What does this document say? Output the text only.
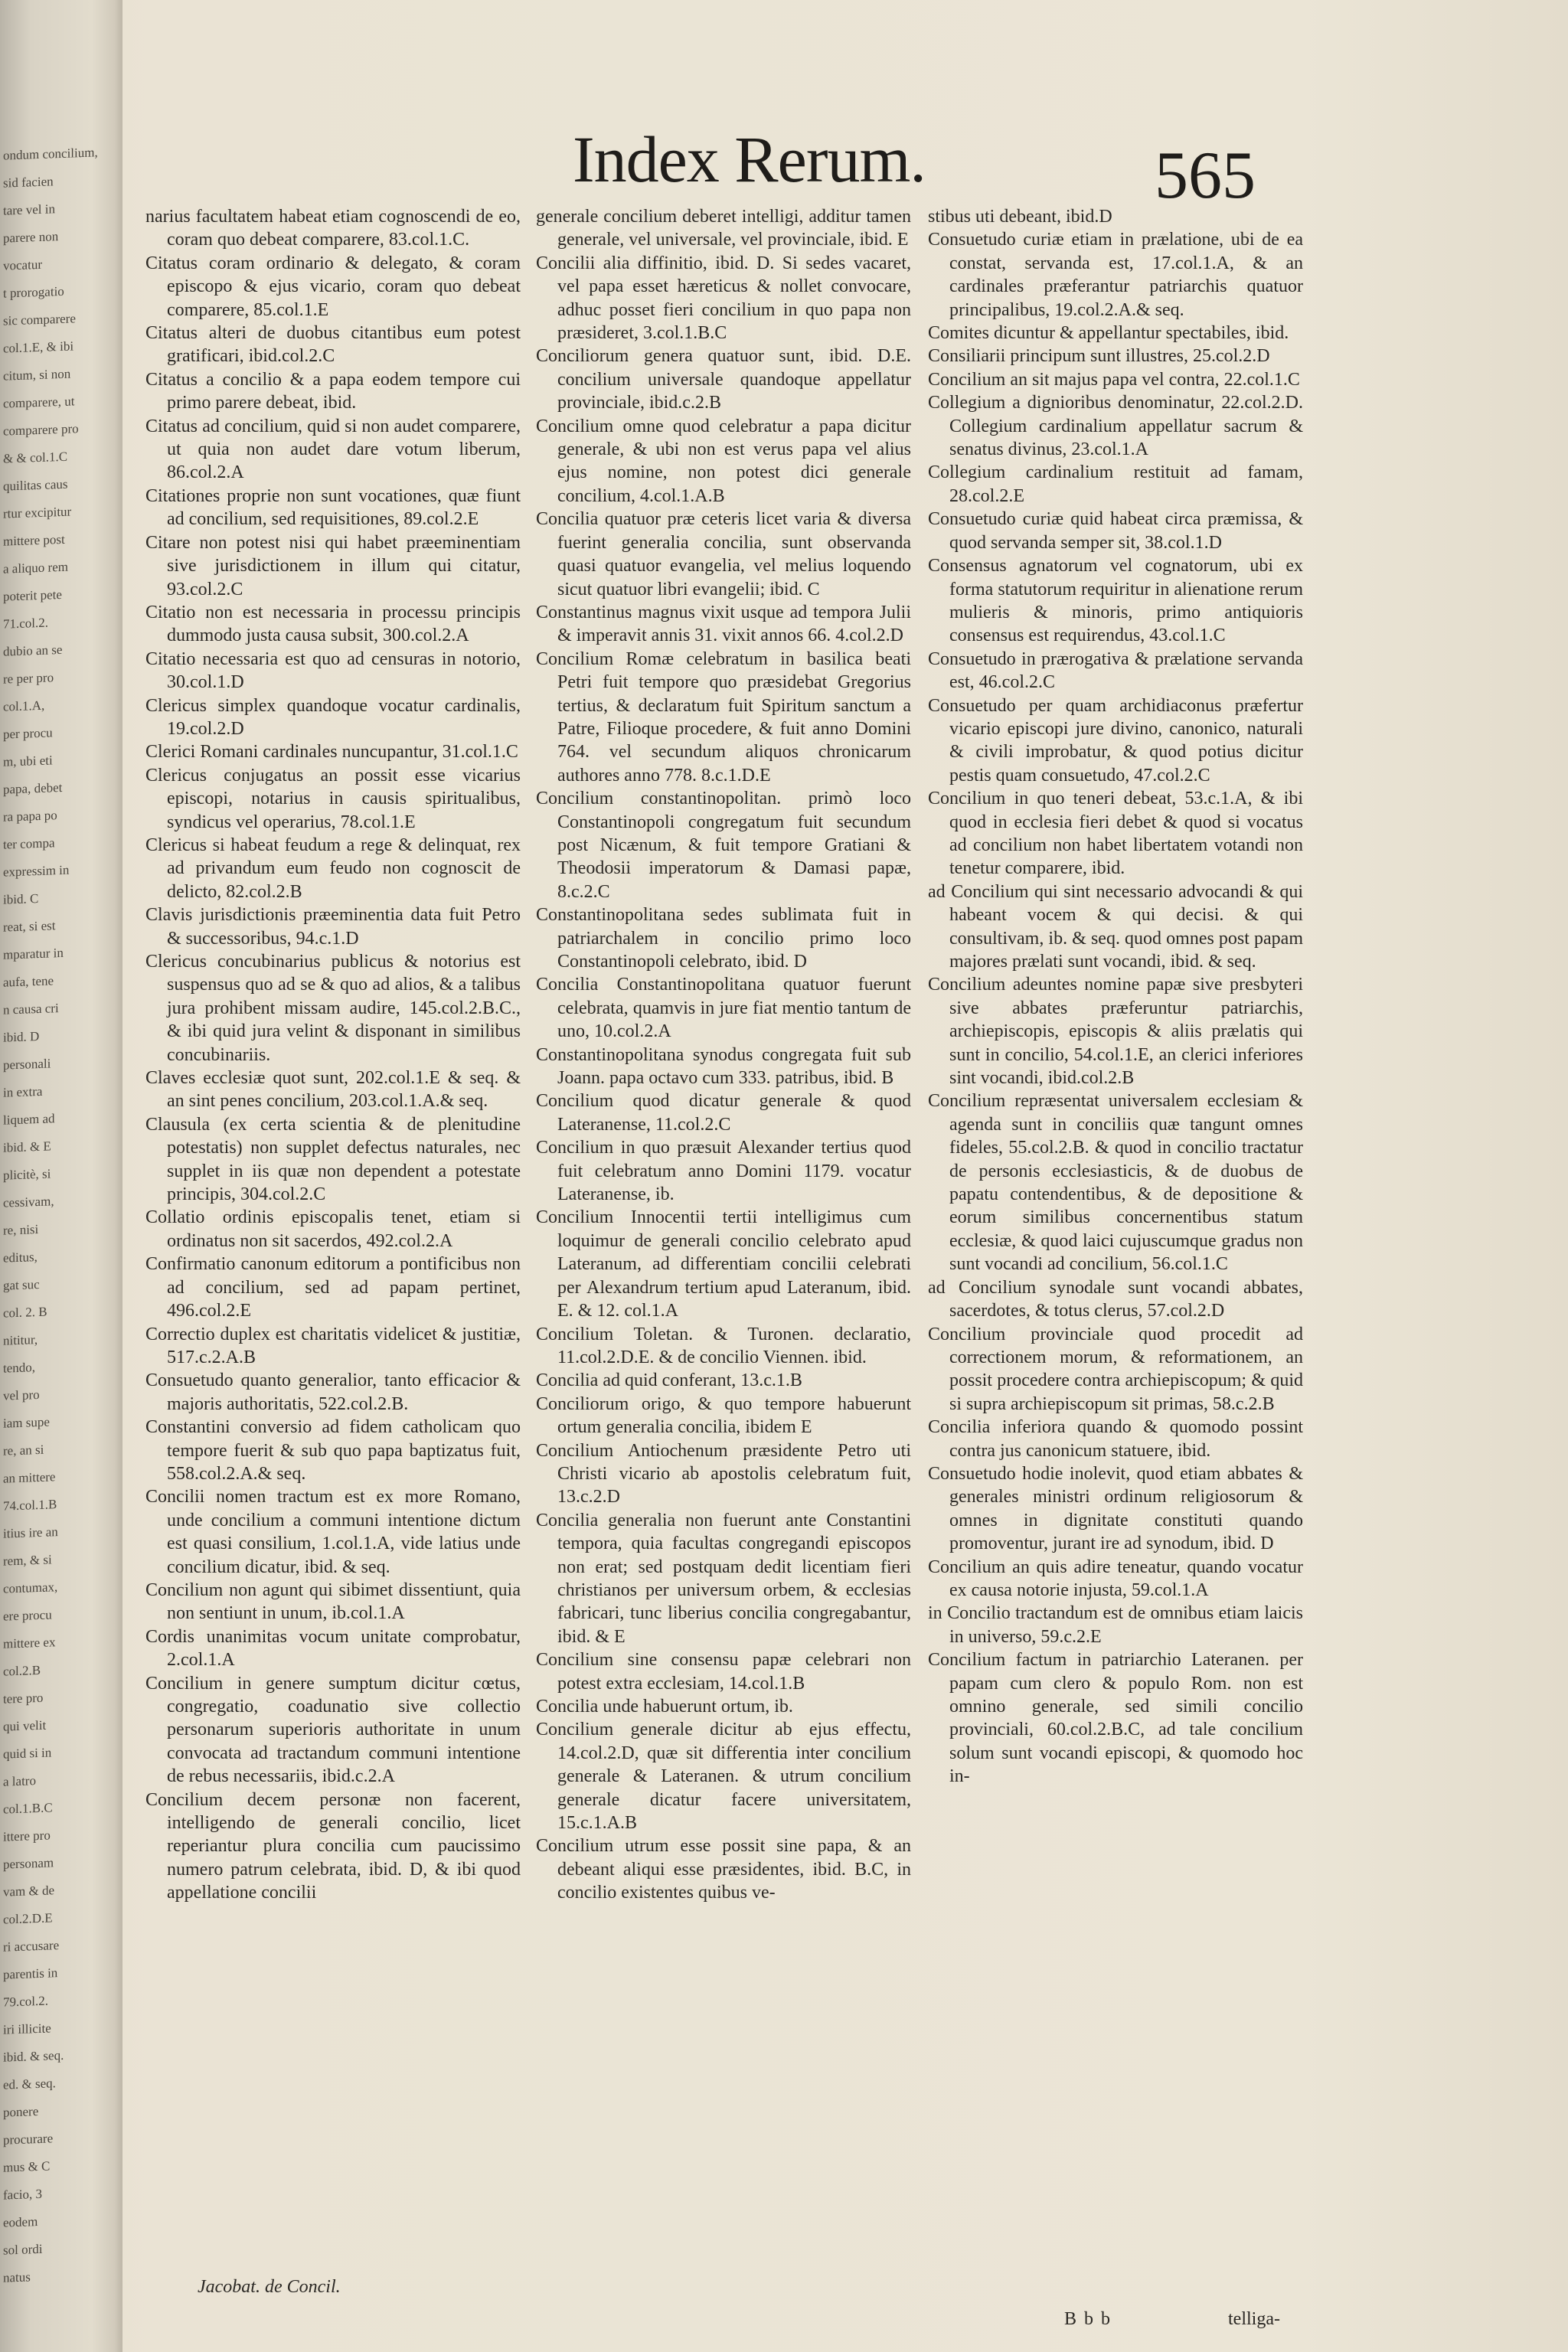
ondum concilium,
sid facien
tare vel in
parere non
vocatur
t prorogatio
sic comparere
col.1.E, & ibi
citum, si non
comparere, ut
comparere pro
& & col.1.C
quilitas caus
rtur excipitur
mittere post
a aliquo rem
poterit pete
71.col.2.
dubio an se
re per pro
col.1.A,
per procu
m, ubi eti
papa, debet
ra papa po
ter compa
expressim in
ibid. C
reat, si est
mparatur in
aufa, tene
n causa cri
ibid. D
personali
in extra
liquem ad
ibid. & E
plicitè, si
cessivam,
re, nisi
editus,
gat suc
col. 2. B
nititur,
tendo,
vel pro
iam supe
re, an si
an mittere
74.col.1.B
itius ire an
rem, & si
contumax,
ere procu
mittere ex
col.2.B
tere pro
qui velit
quid si in
a latro
col.1.B.C
ittere pro
personam
vam & de
col.2.D.E
ri accusare
parentis in
79.col.2.
iri illicite
ibid. & seq.
ed. & seq.
ponere
procurare
mus & C
facio, 3
eodem
sol ordi
natus
Index Rerum.	565

narius facultatem habeat etiam cognoscendi de eo, coram quo debeat comparere, 83.col.1.C.

Citatus coram ordinario & delegato, & coram episcopo & ejus vicario, coram quo debeat comparere, 85.col.1.E

Citatus alteri de duobus citantibus eum potest gratificari, ibid.col.2.C

Citatus a concilio & a papa eodem tempore cui primo parere debeat, ibid.

Citatus ad concilium, quid si non audet comparere, ut quia non audet dare votum liberum, 86.col.2.A

Citationes proprie non sunt vocationes, quæ fiunt ad concilium, sed requisitiones, 89.col.2.E

Citare non potest nisi qui habet præeminentiam sive jurisdictionem in illum qui citatur, 93.col.2.C

Citatio non est necessaria in processu principis dummodo justa causa subsit, 300.col.2.A

Citatio necessaria est quo ad censuras in notorio, 30.col.1.D

Clericus simplex quandoque vocatur cardinalis, 19.col.2.D

Clerici Romani cardinales nuncupantur, 31.col.1.C

Clericus conjugatus an possit esse vicarius episcopi, notarius in causis spiritualibus, syndicus vel operarius, 78.col.1.E

Clericus si habeat feudum a rege & delinquat, rex ad privandum eum feudo non cognoscit de delicto, 82.col.2.B

Clavis jurisdictionis præeminentia data fuit Petro & successoribus, 94.c.1.D

Clericus concubinarius publicus & notorius est suspensus quo ad se & quo ad alios, & a talibus jura prohibent missam audire, 145.col.2.B.C., & ibi quid jura velint & disponant in similibus concubinariis.

Claves ecclesiæ quot sunt, 202.col.1.E & seq. & an sint penes concilium, 203.col.1.A.& seq.

Clausula (ex certa scientia & de plenitudine potestatis) non supplet defectus naturales, nec supplet in iis quæ non dependent a potestate principis, 304.col.2.C

Collatio ordinis episcopalis tenet, etiam si ordinatus non sit sacerdos, 492.col.2.A

Confirmatio canonum editorum a pontificibus non ad concilium, sed ad papam pertinet, 496.col.2.E

Correctio duplex est charitatis videlicet & justitiæ, 517.c.2.A.B

Consuetudo quanto generalior, tanto efficacior & majoris authoritatis, 522.col.2.B.

Constantini conversio ad fidem catholicam quo tempore fuerit & sub quo papa baptizatus fuit, 558.col.2.A.& seq.

Concilii nomen tractum est ex more Romano, unde concilium a communi intentione dictum est quasi consilium, 1.col.1.A, vide latius unde concilium dicatur, ibid. & seq.

Concilium non agunt qui sibimet dissentiunt, quia non sentiunt in unum, ib.col.1.A

Cordis unanimitas vocum unitate comprobatur, 2.col.1.A

Concilium in genere sumptum dicitur cœtus, congregatio, coadunatio sive collectio personarum superioris authoritate in unum convocata ad tractandum communi intentione de rebus necessariis, ibid.c.2.A

Concilium decem personæ non facerent, intelligendo de generali concilio, licet reperiantur plura concilia cum paucissimo numero patrum celebrata, ibid. D, & ibi quod appellatione concilii

generale concilium deberet intelligi, additur tamen generale, vel universale, vel provinciale, ibid. E

Concilii alia diffinitio, ibid. D. Si sedes vacaret, vel papa esset hæreticus & nollet convocare, adhuc posset fieri concilium in quo papa non præsideret, 3.col.1.B.C

Conciliorum genera quatuor sunt, ibid. D.E. concilium universale quandoque appellatur provinciale, ibid.c.2.B

Concilium omne quod celebratur a papa dicitur generale, & ubi non est verus papa vel alius ejus nomine, non potest dici generale concilium, 4.col.1.A.B

Concilia quatuor præ ceteris licet varia & diversa fuerint generalia concilia, sunt observanda quasi quatuor evangelia, vel melius loquendo sicut quatuor libri evangelii; ibid. C

Constantinus magnus vixit usque ad tempora Julii & imperavit annis 31. vixit annos 66. 4.col.2.D

Concilium Romæ celebratum in basilica beati Petri fuit tempore quo præsidebat Gregorius tertius, & declaratum fuit Spiritum sanctum a Patre, Filioque procedere, & fuit anno Domini 764. vel secundum aliquos chronicarum authores anno 778. 8.c.1.D.E

Concilium constantinopolitan. primò loco Constantinopoli congregatum fuit secundum post Nicænum, & fuit tempore Gratiani & Theodosii imperatorum & Damasi papæ, 8.c.2.C

Constantinopolitana sedes sublimata fuit in patriarchalem in concilio primo loco Constantinopoli celebrato, ibid. D

Concilia Constantinopolitana quatuor fuerunt celebrata, quamvis in jure fiat mentio tantum de uno, 10.col.2.A

Constantinopolitana synodus congregata fuit sub Joann. papa octavo cum 333. patribus, ibid. B

Concilium quod dicatur generale & quod Lateranense, 11.col.2.C

Concilium in quo præsuit Alexander tertius quod fuit celebratum anno Domini 1179. vocatur Lateranense, ib.

Concilium Innocentii tertii intelligimus cum loquimur de generali concilio celebrato apud Lateranum, ad differentiam concilii celebrati per Alexandrum tertium apud Lateranum, ibid. E. & 12. col.1.A

Concilium Toletan. & Turonen. declaratio, 11.col.2.D.E. & de concilio Viennen. ibid.

Concilia ad quid conferant, 13.c.1.B

Conciliorum origo, & quo tempore habuerunt ortum generalia concilia, ibidem E

Concilium Antiochenum præsidente Petro uti Christi vicario ab apostolis celebratum fuit, 13.c.2.D

Concilia generalia non fuerunt ante Constantini tempora, quia facultas congregandi episcopos non erat; sed postquam dedit licentiam fieri christianos per universum orbem, & ecclesias fabricari, tunc liberius concilia congregabantur, ibid. & E

Concilium sine consensu papæ celebrari non potest extra ecclesiam, 14.col.1.B

Concilia unde habuerunt ortum, ib.

Concilium generale dicitur ab ejus effectu, 14.col.2.D, quæ sit differentia inter concilium generale & Lateranen. & utrum concilium generale dicatur facere universitatem, 15.c.1.A.B

Concilium utrum esse possit sine papa, & an debeant aliqui esse præsidentes, ibid. B.C, in concilio existentes quibus ve-

stibus uti debeant, ibid.D

Consuetudo curiæ etiam in prælatione, ubi de ea constat, servanda est, 17.col.1.A, & an cardinales præferantur patriarchis quatuor principalibus, 19.col.2.A.& seq.

Comites dicuntur & appellantur spectabiles, ibid.

Consiliarii principum sunt illustres, 25.col.2.D

Concilium an sit majus papa vel contra, 22.col.1.C

Collegium a dignioribus denominatur, 22.col.2.D. Collegium cardinalium appellatur sacrum & senatus divinus, 23.col.1.A

Collegium cardinalium restituit ad famam, 28.col.2.E

Consuetudo curiæ quid habeat circa præmissa, & quod servanda semper sit, 38.col.1.D

Consensus agnatorum vel cognatorum, ubi ex forma statutorum requiritur in alienatione rerum mulieris & minoris, primo antiquioris consensus est requirendus, 43.col.1.C

Consuetudo in prærogativa & prælatione servanda est, 46.col.2.C

Consuetudo per quam archidiaconus præfertur vicario episcopi jure divino, canonico, naturali & civili improbatur, & quod potius dicitur pestis quam consuetudo, 47.col.2.C

Concilium in quo teneri debeat, 53.c.1.A, & ibi quod in ecclesia fieri debet & quod si vocatus ad concilium non habet libertatem votandi non tenetur comparere, ibid.

ad Concilium qui sint necessario advocandi & qui habeant vocem & qui decisi. & qui consultivam, ib. & seq. quod omnes post papam majores prælati sunt vocandi, ibid. & seq.

Concilium adeuntes nomine papæ sive presbyteri sive abbates præferuntur patriarchis, archiepiscopis, episcopis & aliis prælatis qui sunt in concilio, 54.col.1.E, an clerici inferiores sint vocandi, ibid.col.2.B

Concilium repræsentat universalem ecclesiam & agenda sunt in conciliis quæ tangunt omnes fideles, 55.col.2.B. & quod in concilio tractatur de personis ecclesiasticis, & de duobus de papatu contendentibus, & de depositione & eorum similibus concernentibus statum ecclesiæ, & quod laici cujuscumque gradus non sunt vocandi ad concilium, 56.col.1.C

ad Concilium synodale sunt vocandi abbates, sacerdotes, & totus clerus, 57.col.2.D

Concilium provinciale quod procedit ad correctionem morum, & reformationem, an possit procedere contra archiepiscopum; & quid si supra archiepiscopum sit primas, 58.c.2.B

Concilia inferiora quando & quomodo possint contra jus canonicum statuere, ibid.

Consuetudo hodie inolevit, quod etiam abbates & generales ministri ordinum religiosorum & omnes in dignitate constituti quando promoventur, jurant ire ad synodum, ibid. D

Concilium an quis adire teneatur, quando vocatur ex causa notorie injusta, 59.col.1.A

in Concilio tractandum est de omnibus etiam laicis in universo, 59.c.2.E

Concilium factum in patriarchio Lateranen. per papam cum clero & populo Rom. non est omnino generale, sed simili concilio provinciali, 60.col.2.B.C, ad tale concilium solum sunt vocandi episcopi, & quomodo hoc in-

Jacobat. de Concil.
Bbb	telliga-
